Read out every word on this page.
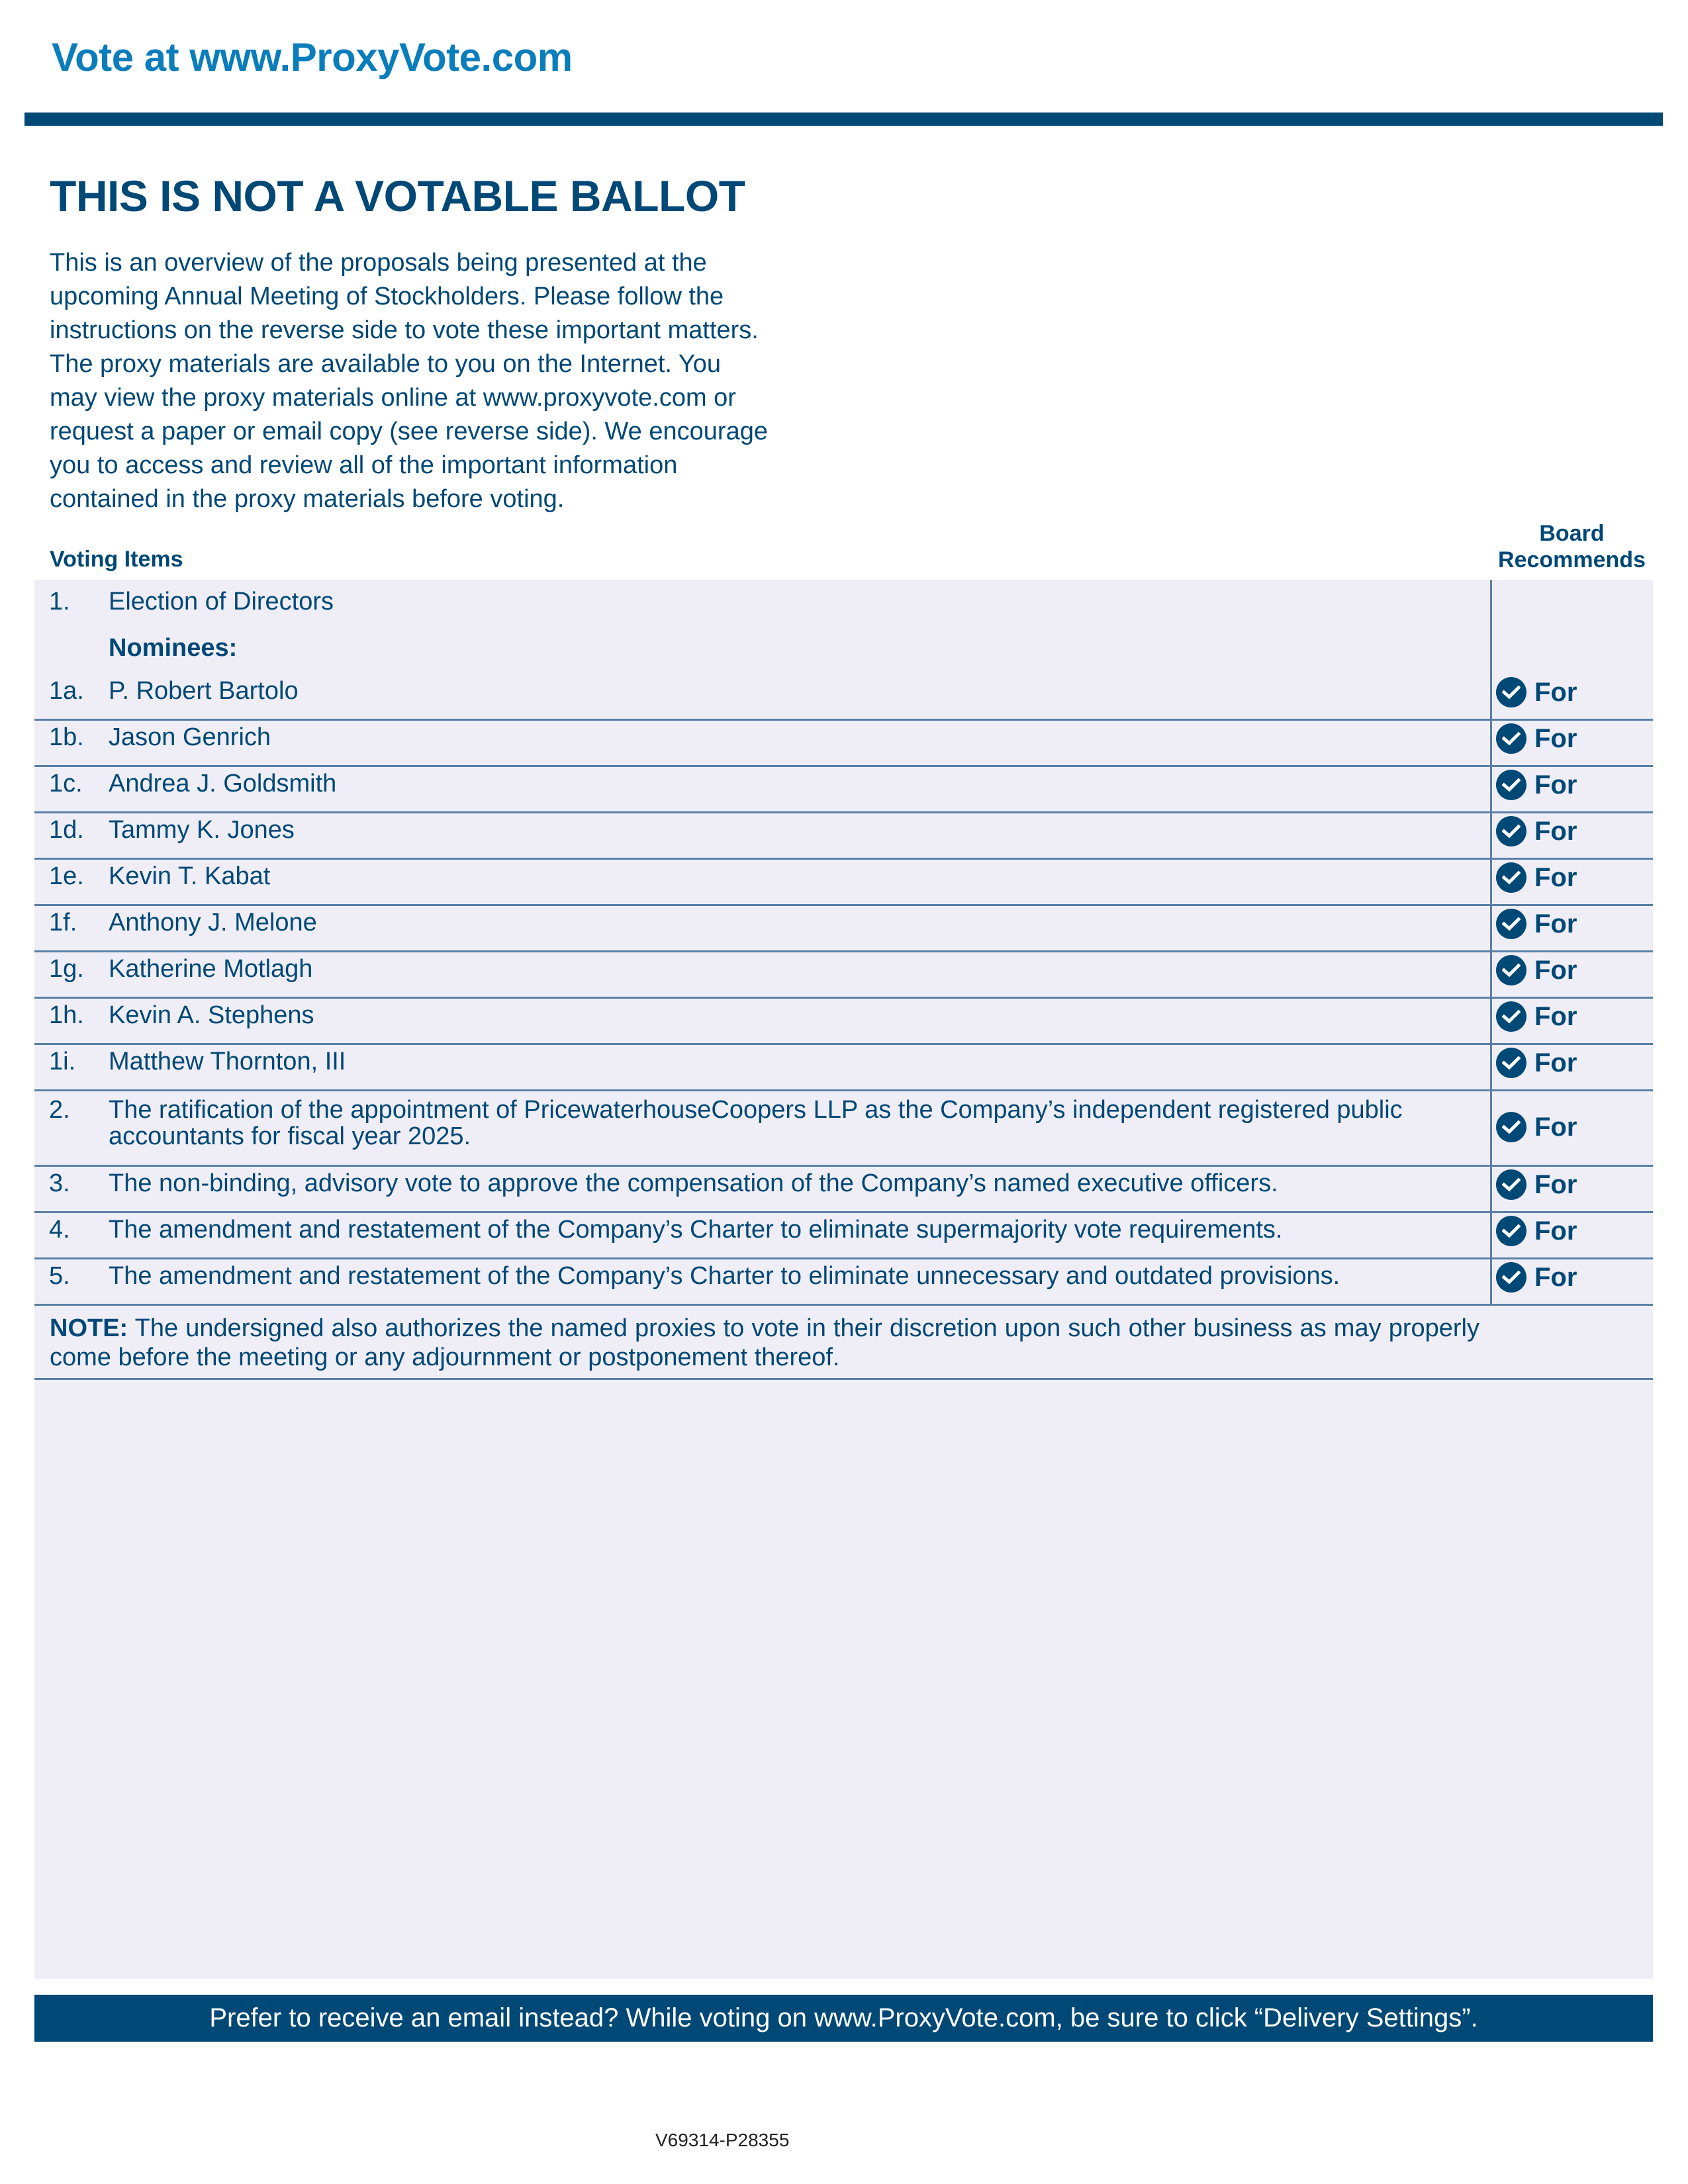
Vote at www.ProxyVote.com
THIS IS NOT A VOTABLE BALLOT
This is an overview of the proposals being presented at the
upcoming Annual Meeting of Stockholders. Please follow the
instructions on the reverse side to vote these important matters.
The proxy materials are available to you on the Internet. You
may view the proxy materials online at www.proxyvote.com or
request a paper or email copy (see reverse side). We encourage
you to access and review all of the important information
contained in the proxy materials before voting.
Voting Items
Board
Recommends
1. Election of Directors
Nominees:
1a. P. Robert Bartolo	For
1b. Jason Genrich	For
1c. Andrea J. Goldsmith	For
1d. Tammy K. Jones	For
1e. Kevin T. Kabat	For
1f. Anthony J. Melone	For
1g. Katherine Motlagh	For
1h. Kevin A. Stephens	For
1i. Matthew Thornton, III	For
2. The ratification of the appointment of PricewaterhouseCoopers LLP as the Company’s independent registered public
accountants for fiscal year 2025.	For
3. The non-binding, advisory vote to approve the compensation of the Company’s named executive officers.	For
4. The amendment and restatement of the Company’s Charter to eliminate supermajority vote requirements.	For
5. The amendment and restatement of the Company’s Charter to eliminate unnecessary and outdated provisions.	For
NOTE: The undersigned also authorizes the named proxies to vote in their discretion upon such other business as may properly come before the meeting or any adjournment or postponement thereof.
Prefer to receive an email instead? While voting on www.ProxyVote.com, be sure to click “Delivery Settings”.
V69314-P28355
